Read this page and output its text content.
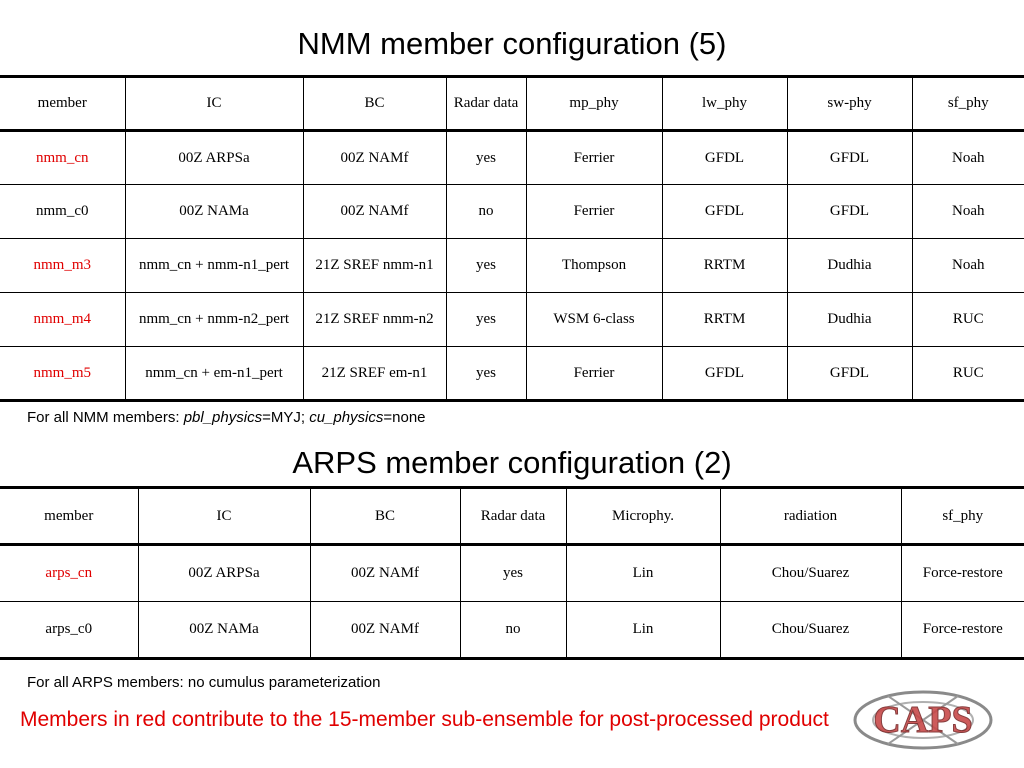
NMM member configuration (5)
member	IC	BC	Radar data	mp_phy	lw_phy	sw-phy	sf_phy
nmm_cn	00Z ARPSa	00Z NAMf	yes	Ferrier	GFDL	GFDL	Noah
nmm_c0	00Z NAMa	00Z NAMf	no	Ferrier	GFDL	GFDL	Noah
nmm_m3	nmm_cn + nmm-n1_pert	21Z SREF nmm-n1	yes	Thompson	RRTM	Dudhia	Noah
nmm_m4	nmm_cn + nmm-n2_pert	21Z SREF nmm-n2	yes	WSM 6-class	RRTM	Dudhia	RUC
nmm_m5	nmm_cn + em-n1_pert	21Z SREF em-n1	yes	Ferrier	GFDL	GFDL	RUC
For all NMM members: pbl_physics=MYJ; cu_physics=none
ARPS member configuration (2)
member	IC	BC	Radar data	Microphy.	radiation	sf_phy
arps_cn	00Z ARPSa	00Z NAMf	yes	Lin	Chou/Suarez	Force-restore
arps_c0	00Z NAMa	00Z NAMf	no	Lin	Chou/Suarez	Force-restore
For all ARPS members: no cumulus parameterization
CAPS
Members in red contribute to the 15-member sub-ensemble for post-processed product
